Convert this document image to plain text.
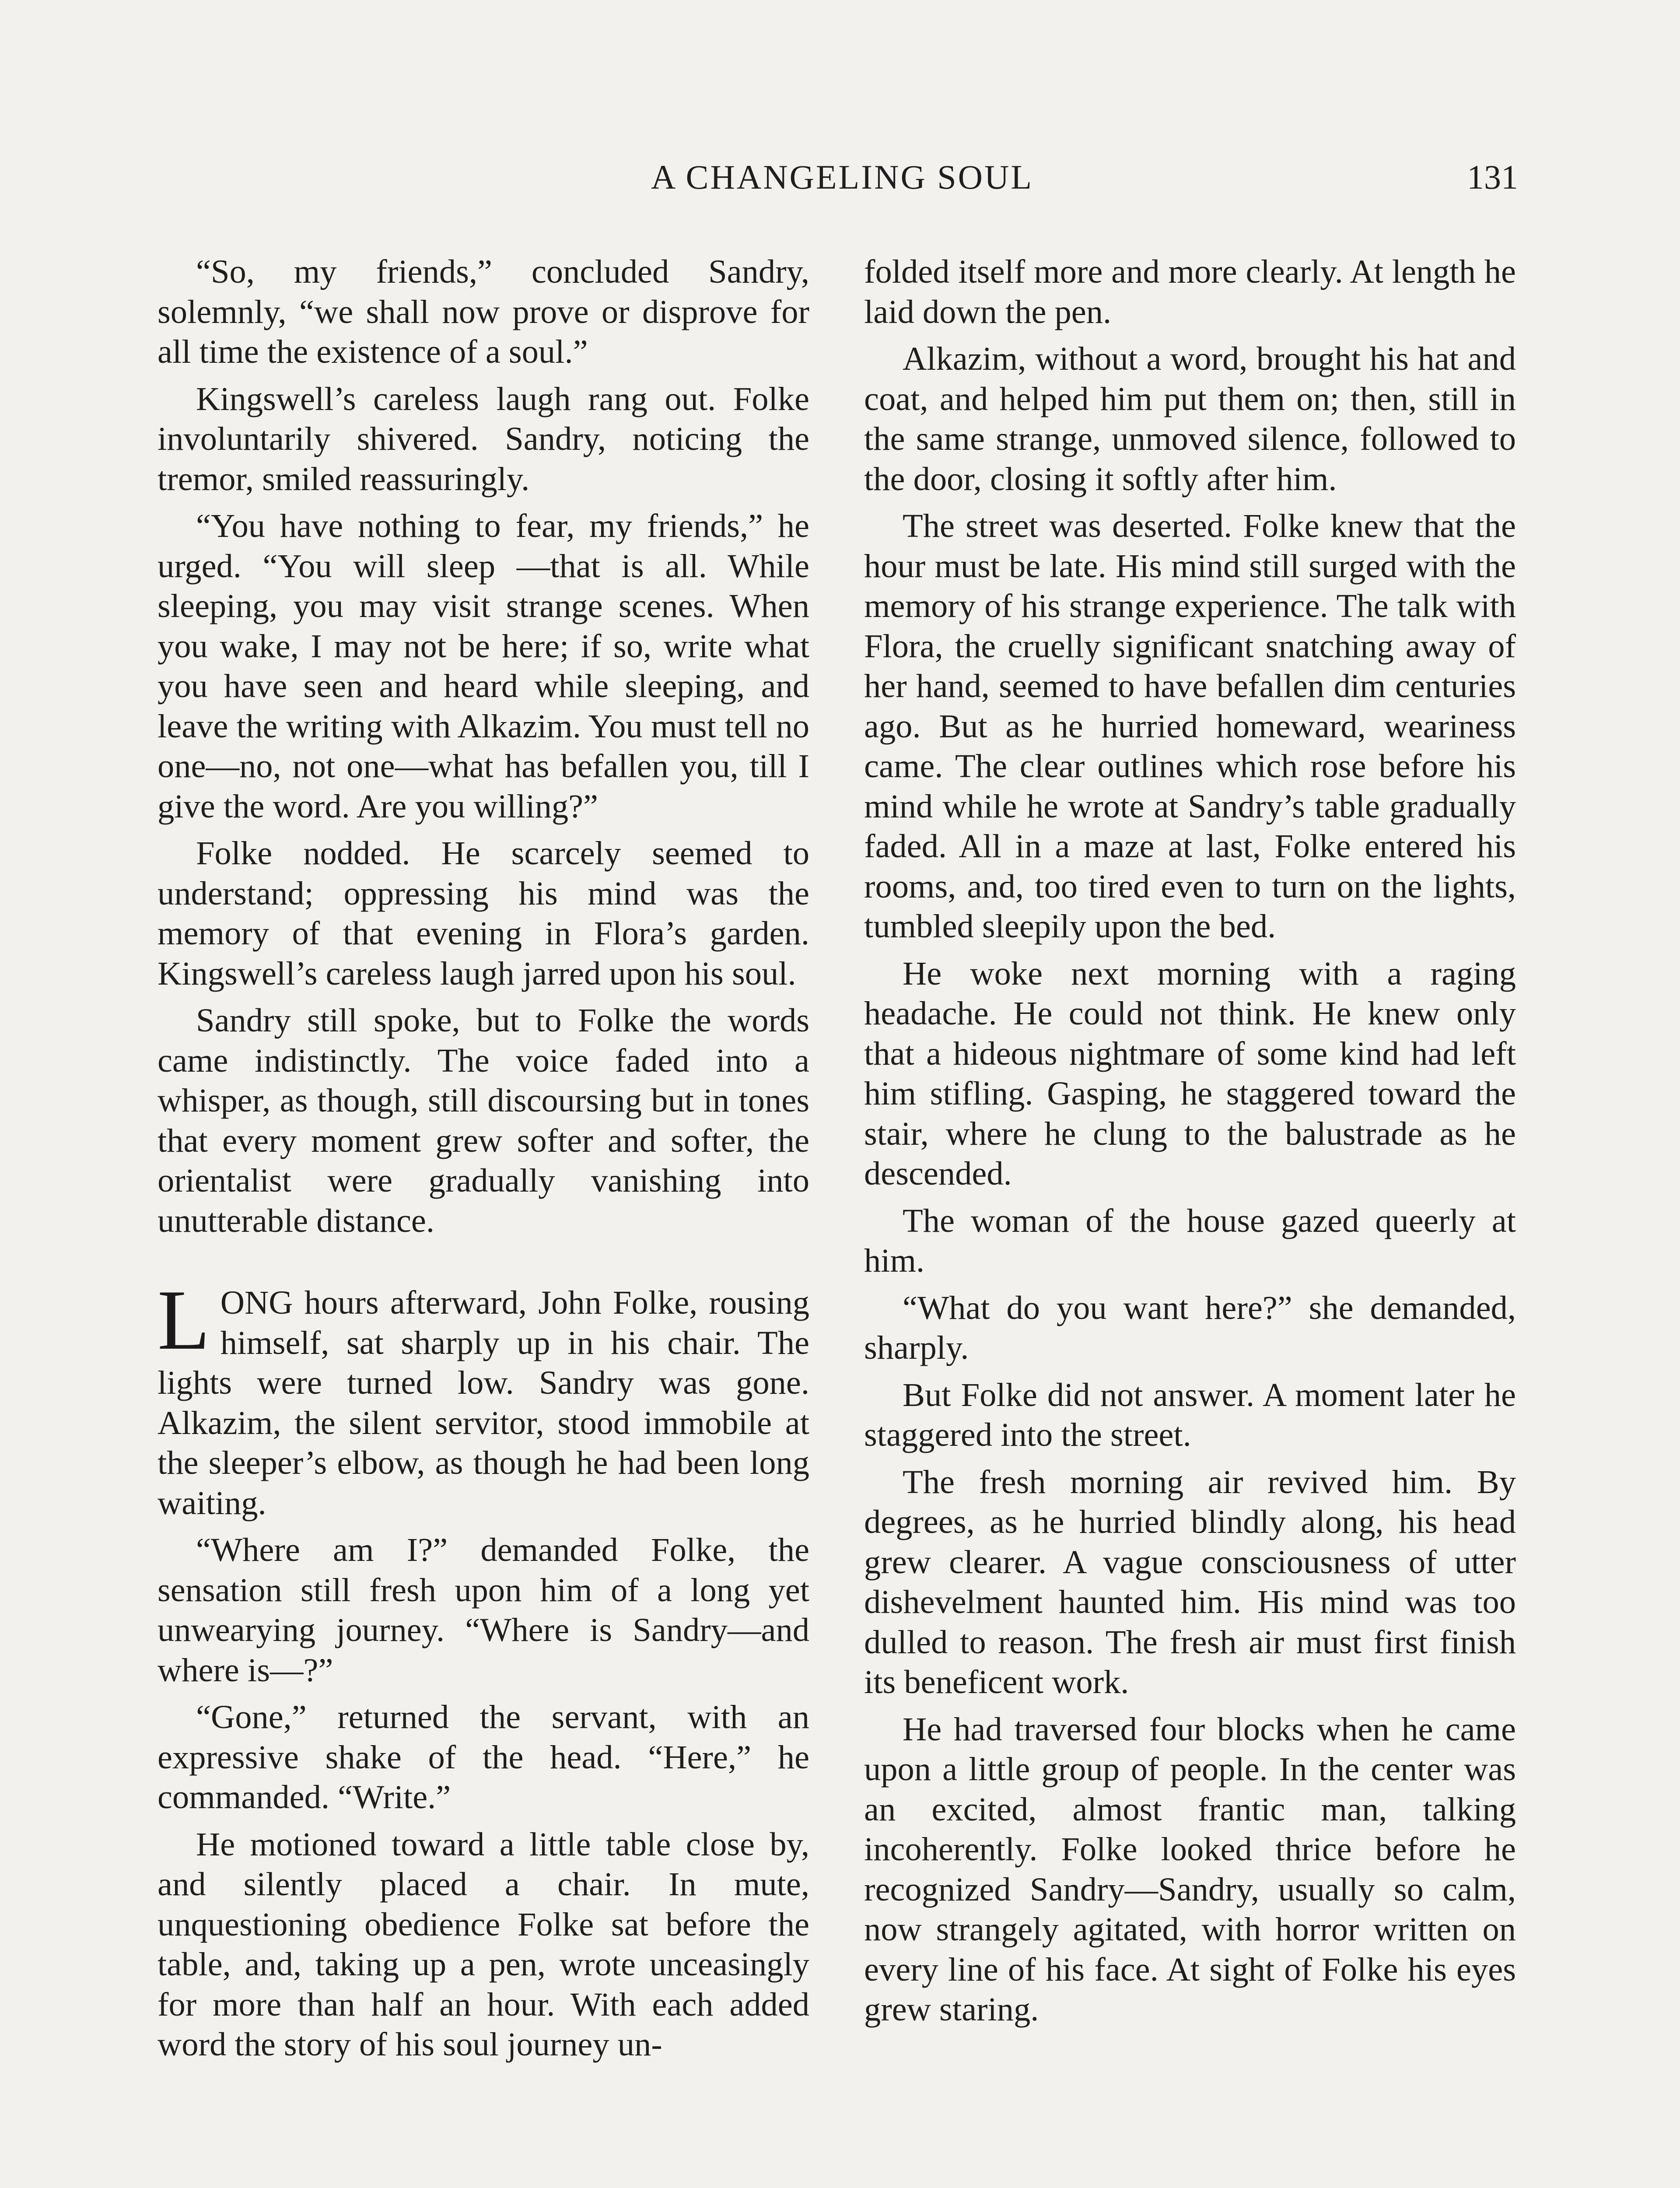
A CHANGELING SOUL	131

“So, my friends,” concluded Sandry, solemnly, “we shall now prove or disprove for all time the existence of a soul.”

Kingswell’s careless laugh rang out. Folke involuntarily shivered. Sandry, noticing the tremor, smiled reassuringly.

“You have nothing to fear, my friends,” he urged. “You will sleep —that is all. While sleeping, you may visit strange scenes. When you wake, I may not be here; if so, write what you have seen and heard while sleeping, and leave the writing with Alkazim. You must tell no one—no, not one—what has befallen you, till I give the word. Are you willing?”

Folke nodded. He scarcely seemed to understand; oppressing his mind was the memory of that evening in Flora’s garden. Kingswell’s careless laugh jarred upon his soul.

Sandry still spoke, but to Folke the words came indistinctly. The voice faded into a whisper, as though, still discoursing but in tones that every moment grew softer and softer, the orientalist were gradually vanishing into unutterable distance.

LONG hours afterward, John Folke, rousing himself, sat sharply up in his chair. The lights were turned low. Sandry was gone. Alkazim, the silent servitor, stood immobile at the sleeper’s elbow, as though he had been long waiting.

“Where am I?” demanded Folke, the sensation still fresh upon him of a long yet unwearying journey. “Where is Sandry—and where is—?”

“Gone,” returned the servant, with an expressive shake of the head. “Here,” he commanded. “Write.”

He motioned toward a little table close by, and silently placed a chair. In mute, unquestioning obedience Folke sat before the table, and, taking up a pen, wrote unceasingly for more than half an hour. With each added word the story of his soul journey un-

folded itself more and more clearly. At length he laid down the pen.

Alkazim, without a word, brought his hat and coat, and helped him put them on; then, still in the same strange, unmoved silence, followed to the door, closing it softly after him.

The street was deserted. Folke knew that the hour must be late. His mind still surged with the memory of his strange experience. The talk with Flora, the cruelly significant snatching away of her hand, seemed to have befallen dim centuries ago. But as he hurried homeward, weariness came. The clear outlines which rose before his mind while he wrote at Sandry’s table gradually faded. All in a maze at last, Folke entered his rooms, and, too tired even to turn on the lights, tumbled sleepily upon the bed.

He woke next morning with a raging headache. He could not think. He knew only that a hideous nightmare of some kind had left him stifling. Gasping, he staggered toward the stair, where he clung to the balustrade as he descended.

The woman of the house gazed queerly at him.

“What do you want here?” she demanded, sharply.

But Folke did not answer. A moment later he staggered into the street.

The fresh morning air revived him. By degrees, as he hurried blindly along, his head grew clearer. A vague consciousness of utter dishevelment haunted him. His mind was too dulled to reason. The fresh air must first finish its beneficent work.

He had traversed four blocks when he came upon a little group of people. In the center was an excited, almost frantic man, talking incoherently. Folke looked thrice before he recognized Sandry—Sandry, usually so calm, now strangely agitated, with horror written on every line of his face. At sight of Folke his eyes grew staring.
